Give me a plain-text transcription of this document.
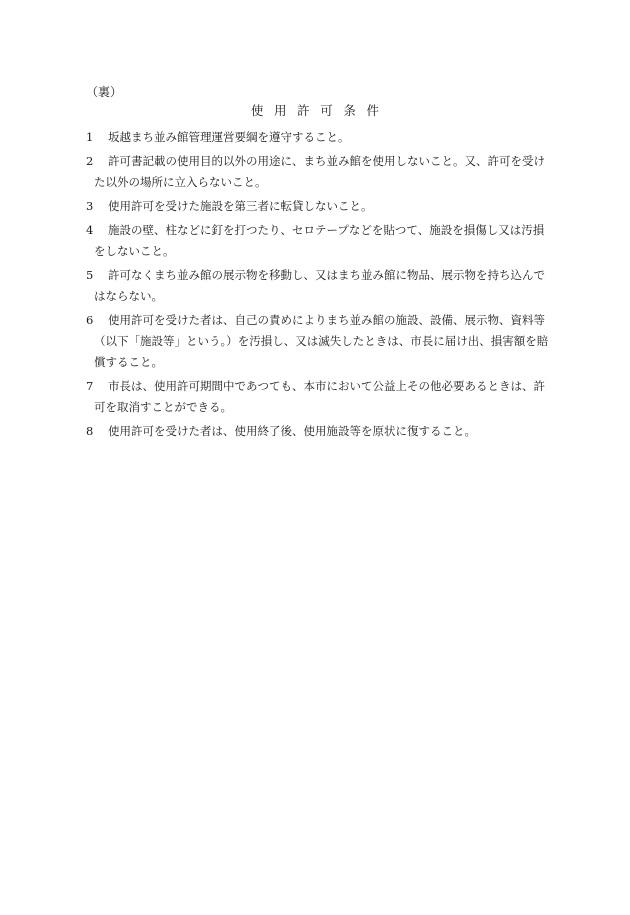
（裏）
使用許可条件
1	坂越まち並み館管理運営要綱を遵守すること。
2	許可書記載の使用目的以外の用途に、まち並み館を使用しないこと。又、許可を受け
た以外の場所に立入らないこと。
3	使用許可を受けた施設を第三者に転貸しないこと。
4	施設の壁、柱などに釘を打つたり、セロテープなどを貼つて、施設を損傷し又は汚損
をしないこと。
5	許可なくまち並み館の展示物を移動し、又はまち並み館に物品、展示物を持ち込んで
はならない。
6	使用許可を受けた者は、自己の責めによりまち並み館の施設、設備、展示物、資料等
（以下「施設等」という。）を汚損し、又は滅失したときは、市長に届け出、損害額を賠
償すること。
7	市長は、使用許可期間中であつても、本市において公益上その他必要あるときは、許
可を取消すことができる。
8	使用許可を受けた者は、使用終了後、使用施設等を原状に復すること。
